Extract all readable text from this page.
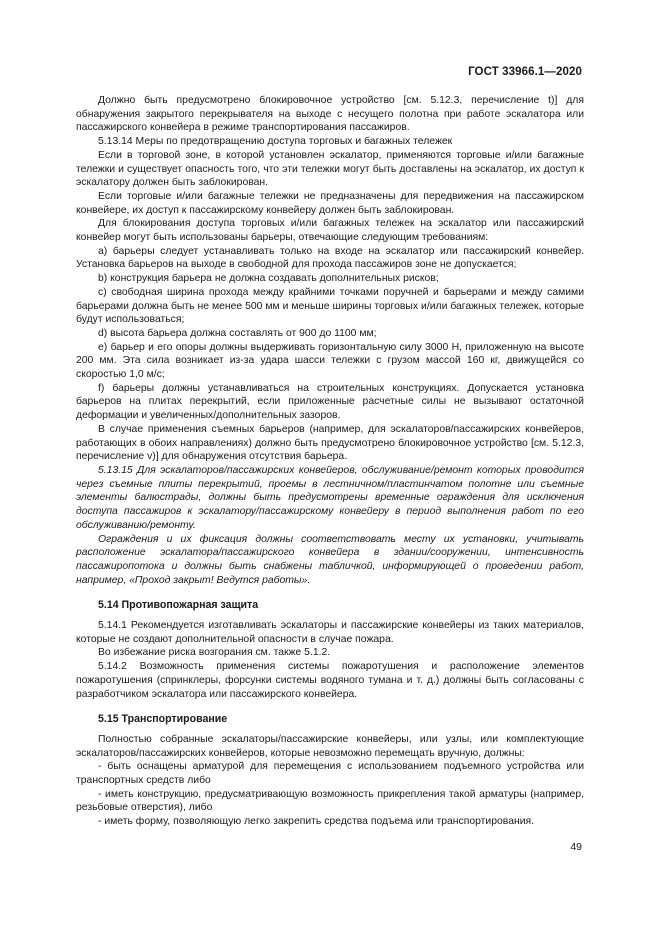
ГОСТ 33966.1—2020

Должно быть предусмотрено блокировочное устройство [см. 5.12.3, перечисление t)] для обнаружения закрытого перекрывателя на выходе с несущего полотна при работе эскалатора или пассажирского конвейера в режиме транспортирования пассажиров.

5.13.14 Меры по предотвращению доступа торговых и багажных тележек

Если в торговой зоне, в которой установлен эскалатор, применяются торговые и/или багажные тележки и существует опасность того, что эти тележки могут быть доставлены на эскалатор, их доступ к эскалатору должен быть заблокирован.

Если торговые и/или багажные тележки не предназначены для передвижения на пассажирском конвейере, их доступ к пассажирскому конвейеру должен быть заблокирован.

Для блокирования доступа торговых и/или багажных тележек на эскалатор или пассажирский конвейер могут быть использованы барьеры, отвечающие следующим требованиям:

а) барьеры следует устанавливать только на входе на эскалатор или пассажирский конвейер. Установка барьеров на выходе в свободной для прохода пассажиров зоне не допускается;

b) конструкция барьера не должна создавать дополнительных рисков;

с) свободная ширина прохода между крайними точками поручней и барьерами и между самими барьерами должна быть не менее 500 мм и меньше ширины торговых и/или багажных тележек, которые будут использоваться;

d) высота барьера должна составлять от 900 до 1100 мм;

e) барьер и его опоры должны выдерживать горизонтальную силу 3000 Н, приложенную на высоте 200 мм. Эта сила возникает из-за удара шасси тележки с грузом массой 160 кг, движущейся со скоростью 1,0 м/с;

f) барьеры должны устанавливаться на строительных конструкциях. Допускается установка барьеров на плитах перекрытий, если приложенные расчетные силы не вызывают остаточной деформации и увеличенных/дополнительных зазоров.

В случае применения съемных барьеров (например, для эскалаторов/пассажирских конвейеров, работающих в обоих направлениях) должно быть предусмотрено блокировочное устройство [см. 5.12.3, перечисление v)] для обнаружения отсутствия барьера.

5.13.15 Для эскалаторов/пассажирских конвейеров, обслуживание/ремонт которых проводится через съемные плиты перекрытий, проемы в лестничном/пластинчатом полотне или съемные элементы балюстрады, должны быть предусмотрены временные ограждения для исключения доступа пассажиров к эскалатору/пассажирскому конвейеру в период выполнения работ по его обслуживанию/ремонту.

Ограждения и их фиксация должны соответствовать месту их установки, учитывать расположение эскалатора/пассажирского конвейера в здании/сооружении, интенсивность пассажиропотока и должны быть снабжены табличкой, информирующей о проведении работ, например, «Проход закрыт! Ведутся работы».

5.14 Противопожарная защита

5.14.1 Рекомендуется изготавливать эскалаторы и пассажирские конвейеры из таких материалов, которые не создают дополнительной опасности в случае пожара.

Во избежание риска возгорания см. также 5.1.2.

5.14.2 Возможность применения системы пожаротушения и расположение элементов пожаротушения (спринклеры, форсунки системы водяного тумана и т. д.) должны быть согласованы с разработчиком эскалатора или пассажирского конвейера.

5.15 Транспортирование

Полностью собранные эскалаторы/пассажирские конвейеры, или узлы, или комплектующие эскалаторов/пассажирских конвейеров, которые невозможно перемещать вручную, должны:

- быть оснащены арматурой для перемещения с использованием подъемного устройства или транспортных средств либо

- иметь конструкцию, предусматривающую возможность прикрепления такой арматуры (например, резьбовые отверстия), либо

- иметь форму, позволяющую легко закрепить средства подъема или транспортирования.

49
